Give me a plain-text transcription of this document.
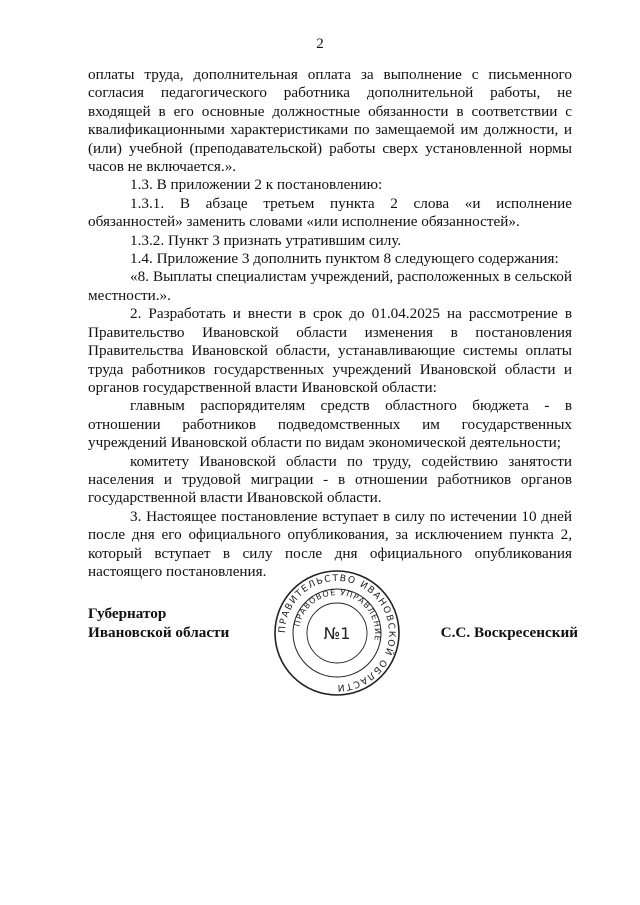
2

оплаты труда, дополнительная оплата за выполнение с письменного согласия педагогического работника дополнительной работы, не входящей в его основные должностные обязанности в соответствии с квалификационными характеристиками по замещаемой им должности, и (или) учебной (преподавательской) работы сверх установленной нормы часов не включается.».

1.3. В приложении 2 к постановлению:

1.3.1. В абзаце третьем пункта 2 слова «и исполнение обязанностей» заменить словами «или исполнение обязанностей».

1.3.2. Пункт 3 признать утратившим силу.

1.4. Приложение 3 дополнить пунктом 8 следующего содержания:

«8. Выплаты специалистам учреждений, расположенных в сельской местности.».

2. Разработать и внести в срок до 01.04.2025 на рассмотрение в Правительство Ивановской области изменения в постановления Правительства Ивановской области, устанавливающие системы оплаты труда работников государственных учреждений Ивановской области и органов государственной власти Ивановской области:

главным распорядителям средств областного бюджета - в отношении работников подведомственных им государственных учреждений Ивановской области по видам экономической деятельности;

комитету Ивановской области по труду, содействию занятости населения и трудовой миграции - в отношении работников органов государственной власти Ивановской области.

3. Настоящее постановление вступает в силу по истечении 10 дней после дня его официального опубликования, за исключением пункта 2, который вступает в силу после дня официального опубликования настоящего постановления.

Губернатор
Ивановской области	С.С. Воскресенский
ПРАВИТЕЛЬСТВО ИВАНОВСКОЙ ОБЛАСТИ
ПРАВОВОЕ УПРАВЛЕНИЕ
№1
